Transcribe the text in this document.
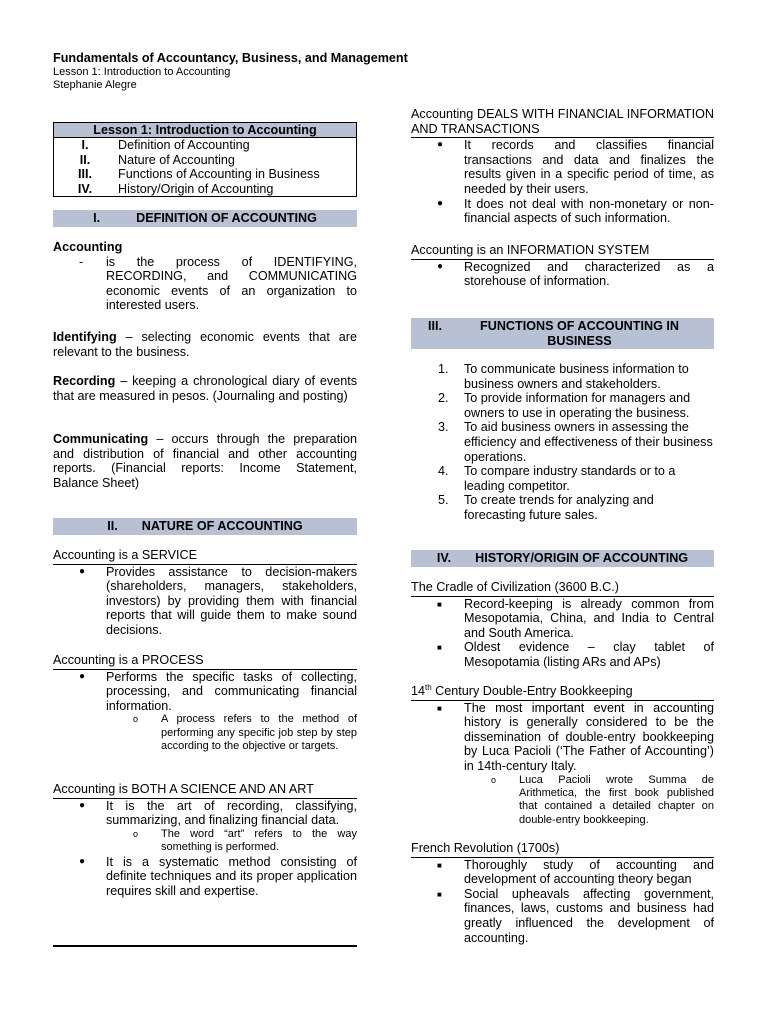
Fundamentals of Accountancy, Business, and Management
Lesson 1: Introduction to Accounting
Stephanie Alegre
Lesson 1: Introduction to Accounting
I.	Definition of Accounting
II.	Nature of Accounting
III.	Functions of Accounting in Business
IV.	History/Origin of Accounting
I.	DEFINITION OF ACCOUNTING
Accounting
- is the process of IDENTIFYING, RECORDING, and COMMUNICATING economic events of an organization to interested users.
Identifying – selecting economic events that are relevant to the business.
Recording – keeping a chronological diary of events that are measured in pesos. (Journaling and posting)
Communicating – occurs through the preparation and distribution of financial and other accounting reports. (Financial reports: Income Statement, Balance Sheet)
II. NATURE OF ACCOUNTING
Accounting is a SERVICE
● Provides assistance to decision-makers (shareholders, managers, stakeholders, investors) by providing them with financial reports that will guide them to make sound decisions.
Accounting is a PROCESS
● Performs the specific tasks of collecting, processing, and communicating financial information.
o A process refers to the method of performing any specific job step by step according to the objective or targets.
Accounting is BOTH A SCIENCE AND AN ART
● It is the art of recording, classifying, summarizing, and finalizing financial data.
o The word “art” refers to the way something is performed.
● It is a systematic method consisting of definite techniques and its proper application requires skill and expertise.
Accounting DEALS WITH FINANCIAL INFORMATION AND TRANSACTIONS
● It records and classifies financial transactions and data and finalizes the results given in a specific period of time, as needed by their users.
● It does not deal with non-monetary or non-financial aspects of such information.
Accounting is an INFORMATION SYSTEM
● Recognized and characterized as a storehouse of information.
III.	FUNCTIONS OF ACCOUNTING IN BUSINESS
1. To communicate business information to business owners and stakeholders.
2. To provide information for managers and owners to use in operating the business.
3. To aid business owners in assessing the efficiency and effectiveness of their business operations.
4. To compare industry standards or to a leading competitor.
5. To create trends for analyzing and forecasting future sales.
IV. HISTORY/ORIGIN OF ACCOUNTING
The Cradle of Civilization (3600 B.C.)
■ Record-keeping is already common from Mesopotamia, China, and India to Central and South America.
■ Oldest evidence – clay tablet of Mesopotamia (listing ARs and APs)
14th Century Double-Entry Bookkeeping
■ The most important event in accounting history is generally considered to be the dissemination of double-entry bookkeeping by Luca Pacioli (‘The Father of Accounting’) in 14th-century Italy.
o Luca Pacioli wrote Summa de Arithmetica, the first book published that contained a detailed chapter on double-entry bookkeeping.
French Revolution (1700s)
■ Thoroughly study of accounting and development of accounting theory began
■ Social upheavals affecting government, finances, laws, customs and business had greatly influenced the development of accounting.
